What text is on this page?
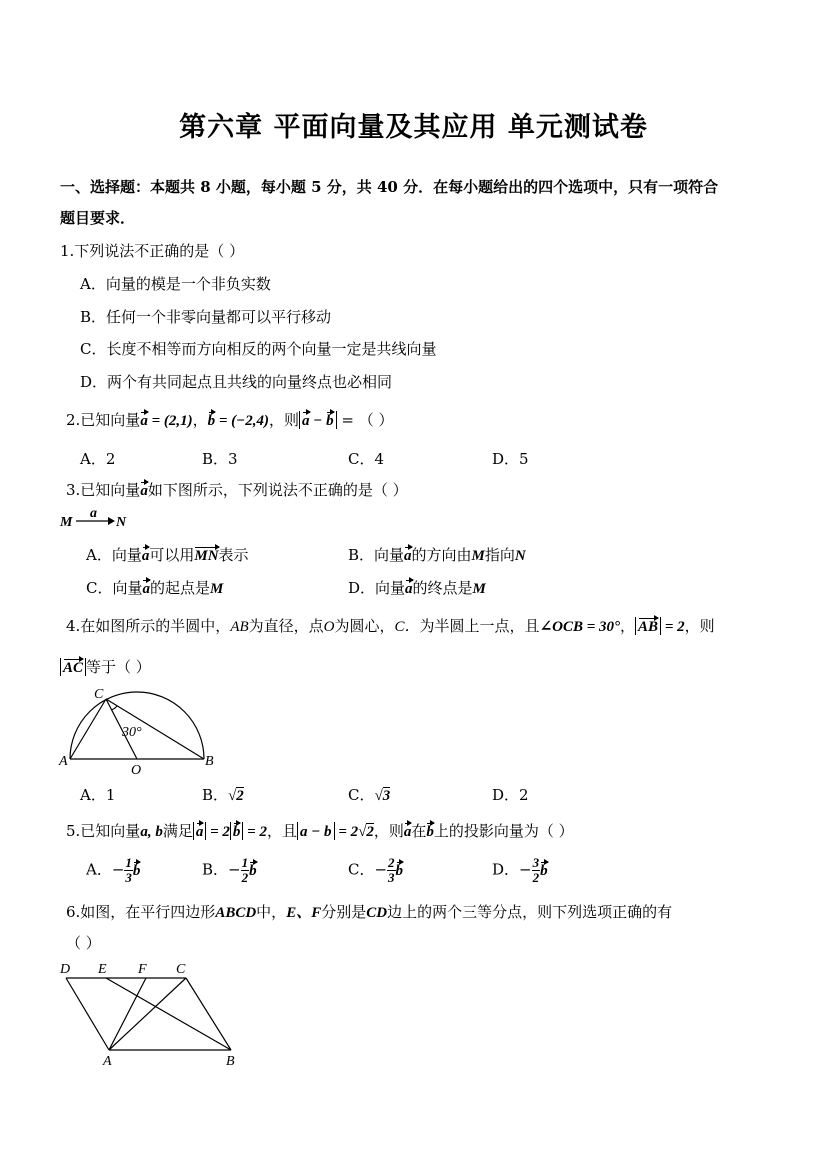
第六章 平面向量及其应用 单元测试卷
一、选择题：本题共 8 小题，每小题 5 分，共 40 分．在每小题给出的四个选项中，只有一项符合
题目要求．
1.下列说法不正确的是（ ）
A．向量的模是一个非负实数
B．任何一个非零向量都可以平行移动
C．长度不相等而方向相反的两个向量一定是共线向量
D．两个有共同起点且共线的向量终点也必相同
2.已知向量a = (2,1)，b = (−2,4)，则 a − b = （ ）
A．2	B．3	C．4	D．5
3.已知向量a如下图所示，下列说法不正确的是（ ）
M
a
N
A．向量a可以用MN表示	B．向量a的方向由M指向N
C．向量a的起点是M	D．向量a的终点是M
4.在如图所示的半圆中，AB为直径，点O为圆心，C．为半圆上一点，且∠OCB = 30°， AB = 2，则
AC 等于（ ）
C
30°
A
O
B
A．1	B．√2	C．√3	D．2
5.已知向量a, b满足 a = 2 b = 2，且 a − b = 2√2，则a在b上的投影向量为（ ）
A．− $\frac{1}{3}$ b	B．− $\frac{1}{2}$ b	C．− $\frac{2}{3}$ b	D．− $\frac{3}{2}$ b
6.如图，在平行四边形ABCD中，E、F分别是CD边上的两个三等分点，则下列选项正确的有
（ ）
D E F C
A	B
